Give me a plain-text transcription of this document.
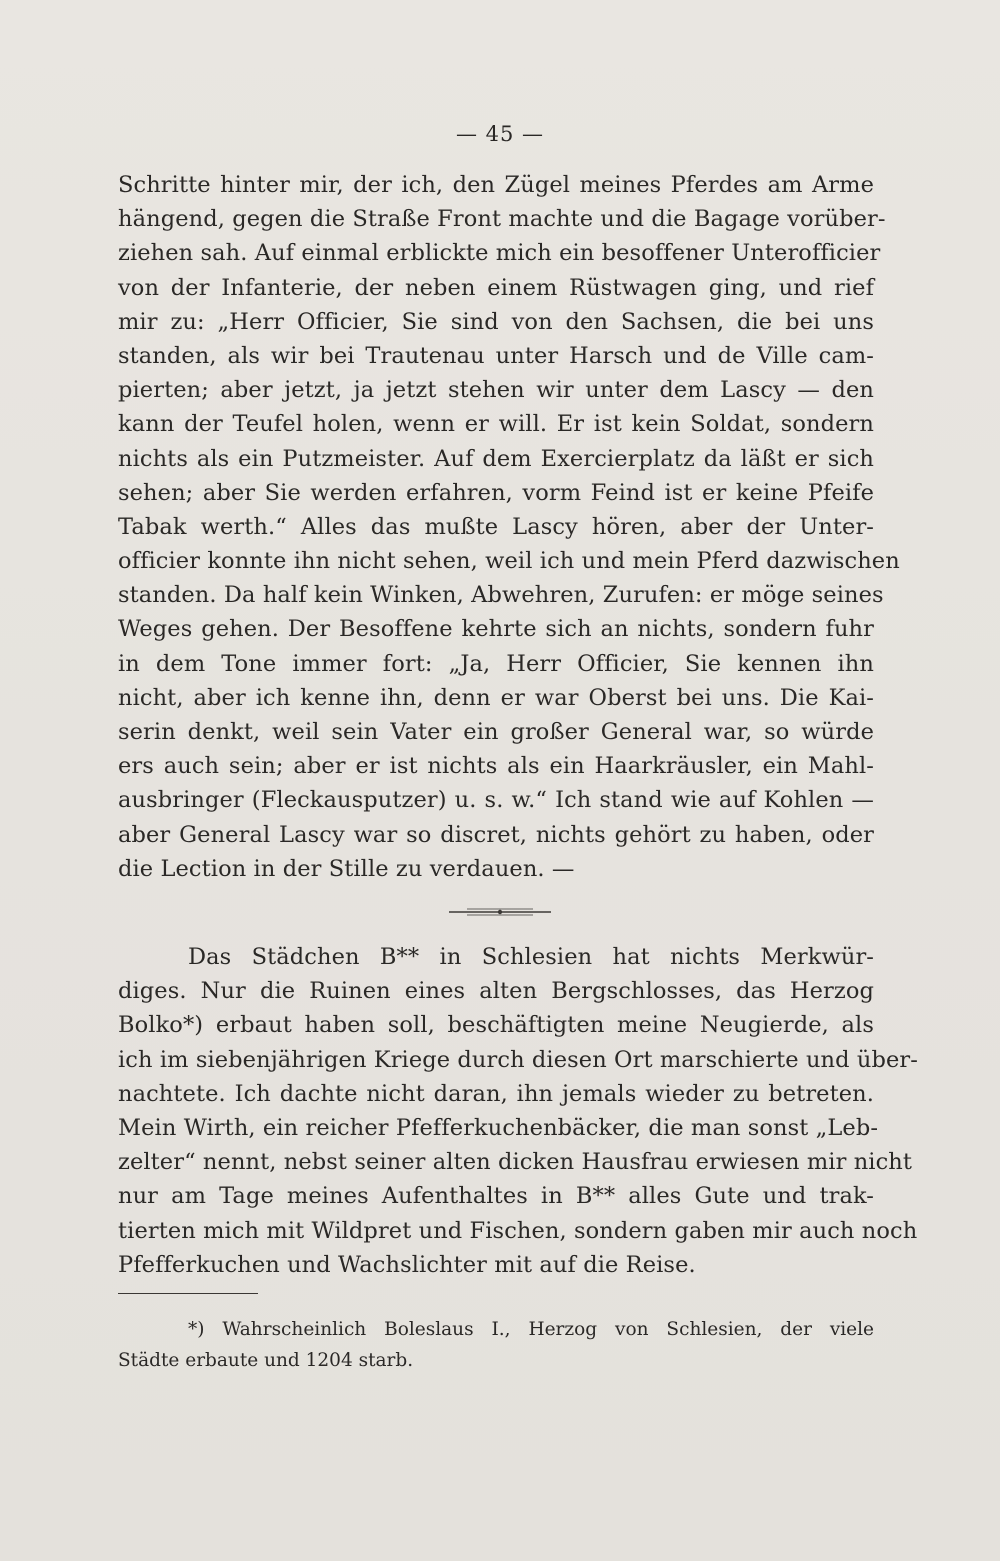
— 45 —
Schritte hinter mir, der ich, den Zügel meines Pferdes am Arme
hängend, gegen die Straße Front machte und die Bagage vorüber-
ziehen sah. Auf einmal erblickte mich ein besoffener Unterofficier
von der Infanterie, der neben einem Rüstwagen ging, und rief
mir zu: „Herr Officier, Sie sind von den Sachsen, die bei uns
standen, als wir bei Trautenau unter Harsch und de Ville cam-
pierten; aber jetzt, ja jetzt stehen wir unter dem Lascy — den
kann der Teufel holen, wenn er will. Er ist kein Soldat, sondern
nichts als ein Putzmeister. Auf dem Exercierplatz da läßt er sich
sehen; aber Sie werden erfahren, vorm Feind ist er keine Pfeife
Tabak werth.“ Alles das mußte Lascy hören, aber der Unter-
officier konnte ihn nicht sehen, weil ich und mein Pferd dazwischen
standen. Da half kein Winken, Abwehren, Zurufen: er möge seines
Weges gehen. Der Besoffene kehrte sich an nichts, sondern fuhr
in dem Tone immer fort: „Ja, Herr Officier, Sie kennen ihn
nicht, aber ich kenne ihn, denn er war Oberst bei uns. Die Kai-
serin denkt, weil sein Vater ein großer General war, so würde
ers auch sein; aber er ist nichts als ein Haarkräusler, ein Mahl-
ausbringer (Fleckausputzer) u. s. w.“ Ich stand wie auf Kohlen —
aber General Lascy war so discret, nichts gehört zu haben, oder
die Lection in der Stille zu verdauen. —
Das Städchen B** in Schlesien hat nichts Merkwür-
diges. Nur die Ruinen eines alten Bergschlosses, das Herzog
Bolko*) erbaut haben soll, beschäftigten meine Neugierde, als
ich im siebenjährigen Kriege durch diesen Ort marschierte und über-
nachtete. Ich dachte nicht daran, ihn jemals wieder zu betreten.
Mein Wirth, ein reicher Pfefferkuchenbäcker, die man sonst „Leb-
zelter“ nennt, nebst seiner alten dicken Hausfrau erwiesen mir nicht
nur am Tage meines Aufenthaltes in B** alles Gute und trak-
tierten mich mit Wildpret und Fischen, sondern gaben mir auch noch
Pfefferkuchen und Wachslichter mit auf die Reise.
*) Wahrscheinlich Boleslaus I., Herzog von Schlesien, der viele
Städte erbaute und 1204 starb.
